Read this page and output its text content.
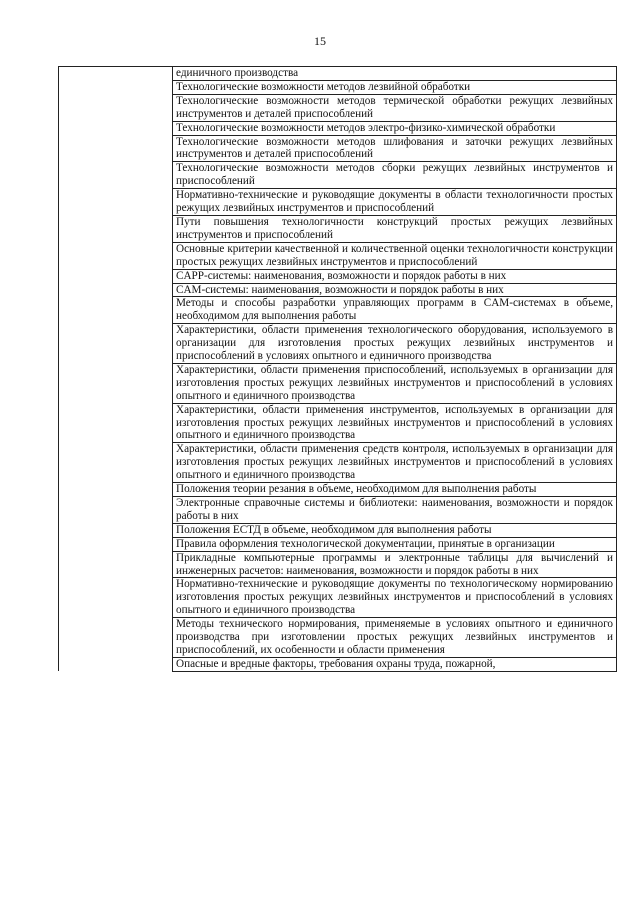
15
	единичного производства
Технологические возможности методов лезвийной обработки
Технологические возможности методов термической обработки режущих лезвийных инструментов и деталей приспособлений
Технологические возможности методов электро-физико-химической обработки
Технологические возможности методов шлифования и заточки режущих лезвийных инструментов и деталей приспособлений
Технологические возможности методов сборки режущих лезвийных инструментов и приспособлений
Нормативно-технические и руководящие документы в области технологичности простых режущих лезвийных инструментов и приспособлений
Пути повышения технологичности конструкций простых режущих лезвийных инструментов и приспособлений
Основные критерии качественной и количественной оценки технологичности конструкции простых режущих лезвийных инструментов и приспособлений
CAPP-системы: наименования, возможности и порядок работы в них
CAM-системы: наименования, возможности и порядок работы в них
Методы и способы разработки управляющих программ в CAM-системах в объеме, необходимом для выполнения работы
Характеристики, области применения технологического оборудования, используемого в организации для изготовления простых режущих лезвийных инструментов и приспособлений в условиях опытного и единичного производства
Характеристики, области применения приспособлений, используемых в организации для изготовления простых режущих лезвийных инструментов и приспособлений в условиях опытного и единичного производства
Характеристики, области применения инструментов, используемых в организации для изготовления простых режущих лезвийных инструментов и приспособлений в условиях опытного и единичного производства
Характеристики, области применения средств контроля, используемых в организации для изготовления простых режущих лезвийных инструментов и приспособлений в условиях опытного и единичного производства
Положения теории резания в объеме, необходимом для выполнения работы
Электронные справочные системы и библиотеки: наименования, возможности и порядок работы в них
Положения ЕСТД в объеме, необходимом для выполнения работы
Правила оформления технологической документации, принятые в организации
Прикладные компьютерные программы и электронные таблицы для вычислений и инженерных расчетов: наименования, возможности и порядок работы в них
Нормативно-технические и руководящие документы по технологическому нормированию изготовления простых режущих лезвийных инструментов и приспособлений в условиях опытного и единичного производства
Методы технического нормирования, применяемые в условиях опытного и единичного производства при изготовлении простых режущих лезвийных инструментов и приспособлений, их особенности и области применения
Опасные и вредные факторы, требования охраны труда, пожарной,
